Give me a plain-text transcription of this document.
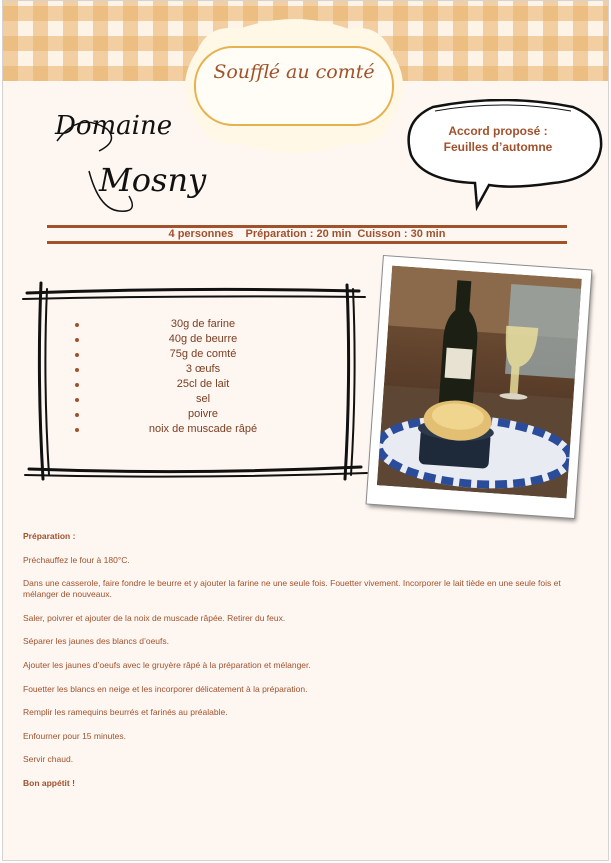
Soufflé au comté
Domaine
Mosny
Accord proposé :
Feuilles d’automne
4 personnes    Préparation : 20 min  Cuisson : 30 min
30g de farine
40g de beurre
75g de comté
3 œufs
25cl de lait
sel
poivre
noix de muscade râpé

Préparation :

Préchauffez le four à 180°C.

Dans une casserole, faire fondre le beurre et y ajouter la farine ne une seule fois. Fouetter vivement. Incorporer le lait tiède en une seule fois et mélanger de nouveaux.

Saler, poivrer et ajouter de la noix de muscade râpée. Retirer du feux.

Séparer les jaunes des blancs d’oeufs.

Ajouter les jaunes d’oeufs avec le gruyère râpé à la préparation et mélanger.

Fouetter les blancs en neige et les incorporer délicatement à la préparation.

Remplir les ramequins beurrés et farinés au préalable.

Enfourner pour 15 minutes.

Servir chaud.

Bon appétit !
